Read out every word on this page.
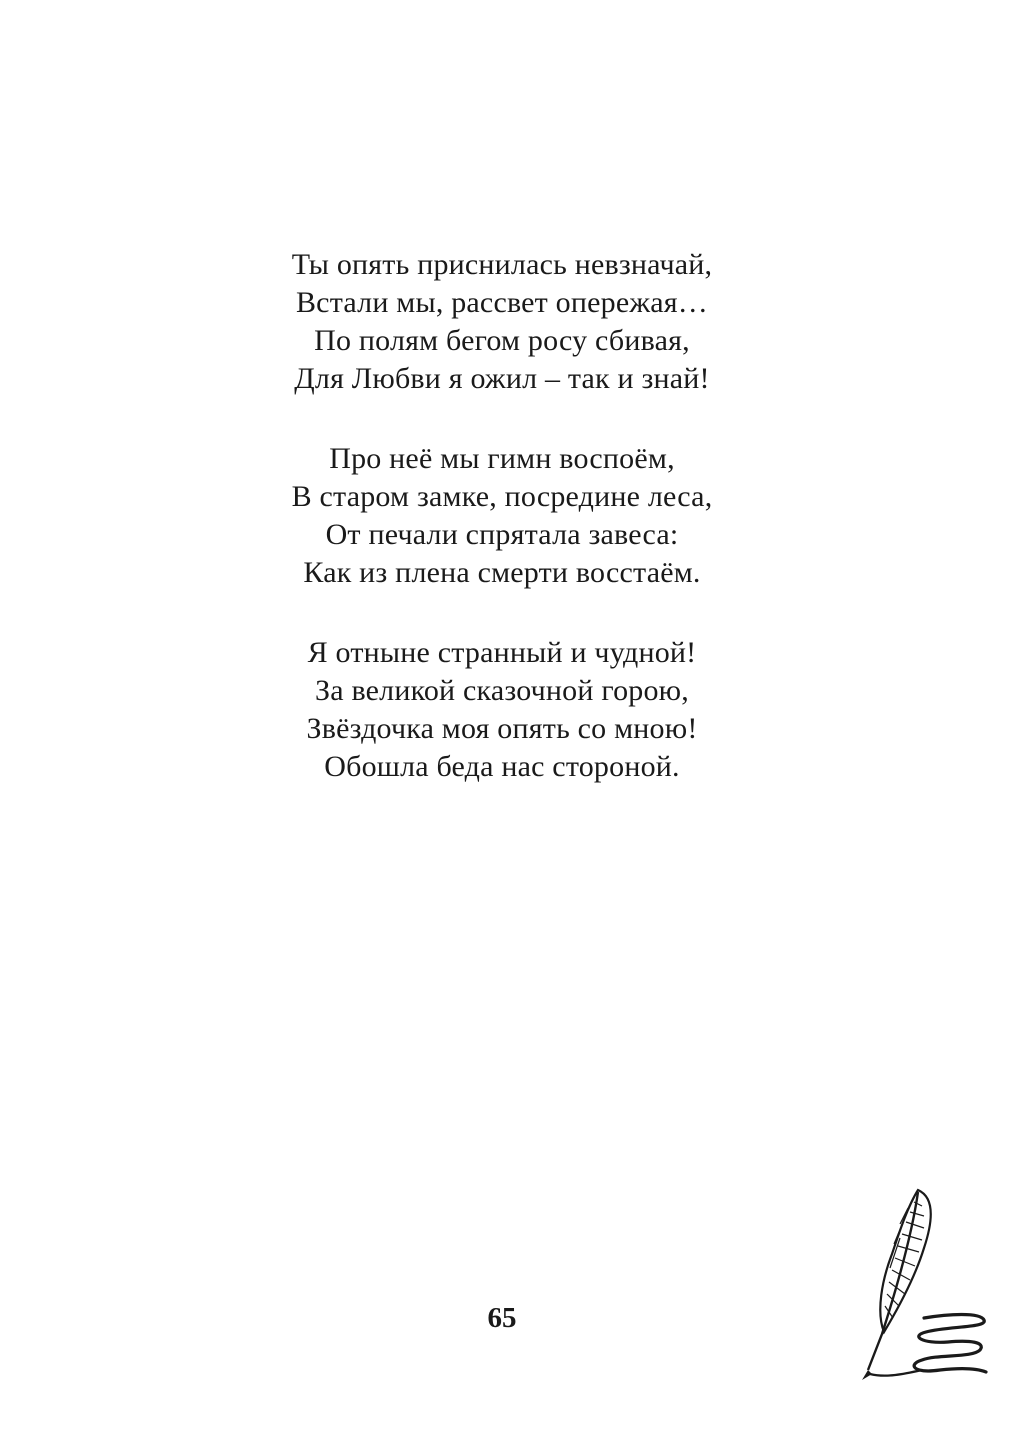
Ты опять приснилась невзначай,
Встали мы, рассвет опережая…
По полям бегом росу сбивая,
Для Любви я ожил – так и знай!
Про неё мы гимн воспоём,
В старом замке, посредине леса,
От печали спрятала завеса:
Как из плена смерти восстаём.
Я отныне странный и чудной!
За великой сказочной горою,
Звёздочка моя опять со мною!
Обошла беда нас стороной.
65
